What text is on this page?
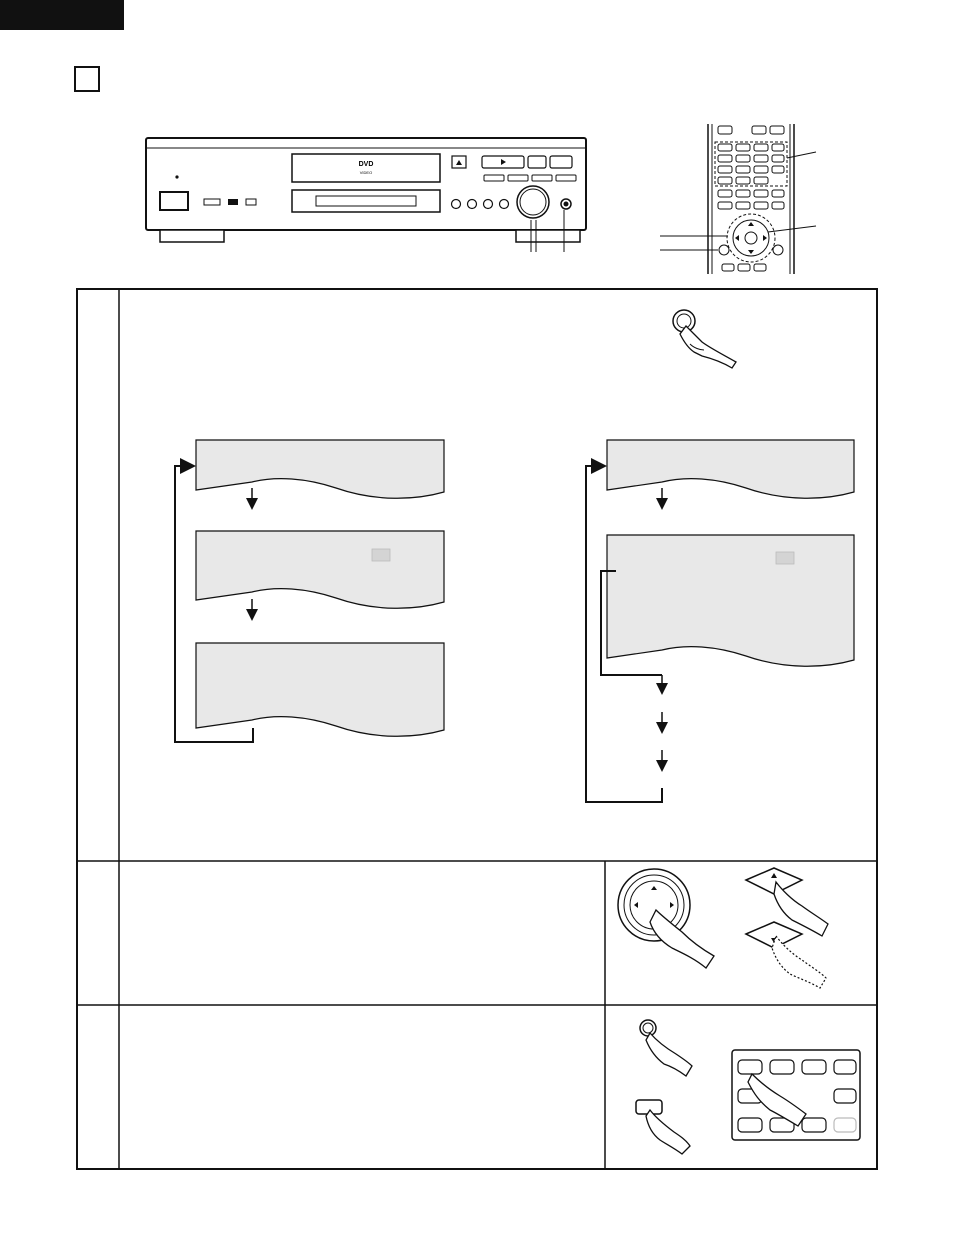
DVD
VIDEO
